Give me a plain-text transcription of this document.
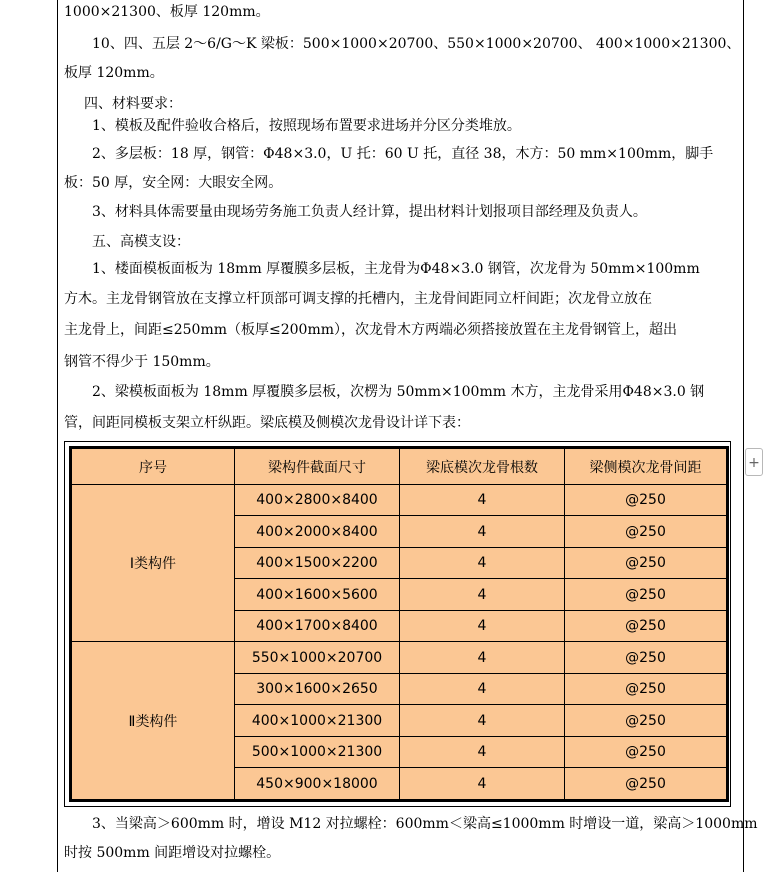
1000×21300、板厚 120mm。
10、四、五层 2～6/G～K 梁板：500×1000×20700、550×1000×20700、 400×1000×21300、
板厚 120mm。
四、材料要求：
1、模板及配件验收合格后，按照现场布置要求进场并分区分类堆放。
2、多层板：18 厚，钢管：Φ48×3.0，U 托：60 U 托，直径 38，木方：50 mm×100mm，脚手
板：50 厚，安全网：大眼安全网。
3、材料具体需要量由现场劳务施工负责人经计算，提出材料计划报项目部经理及负责人。
五、高模支设：
1、楼面模板面板为 18mm 厚覆膜多层板，主龙骨为Φ48×3.0 钢管，次龙骨为 50mm×100mm
方木。主龙骨钢管放在支撑立杆顶部可调支撑的托槽内，主龙骨间距同立杆间距；次龙骨立放在
主龙骨上，间距≤250mm（板厚≤200mm），次龙骨木方两端必须搭接放置在主龙骨钢管上，超出
钢管不得少于 150mm。
2、梁模板面板为 18mm 厚覆膜多层板，次楞为 50mm×100mm 木方，主龙骨采用Φ48×3.0 钢
管，间距同模板支架立杆纵距。梁底模及侧模次龙骨设计详下表：
3、当梁高＞600mm 时，增设 M12 对拉螺栓：600mm＜梁高≤1000mm 时增设一道，梁高＞1000mm
时按 500mm 间距增设对拉螺栓。
序号	梁构件截面尺寸	梁底模次龙骨根数	梁侧模次龙骨间距
Ⅰ类构件	400×2800×8400	4	@250
	400×2000×8400	4	@250
	400×1500×2200	4	@250
	400×1600×5600	4	@250
	400×1700×8400	4	@250
Ⅱ类构件	550×1000×20700	4	@250
	300×1600×2650	4	@250
	400×1000×21300	4	@250
	500×1000×21300	4	@250
	450×900×18000	4	@250
+
